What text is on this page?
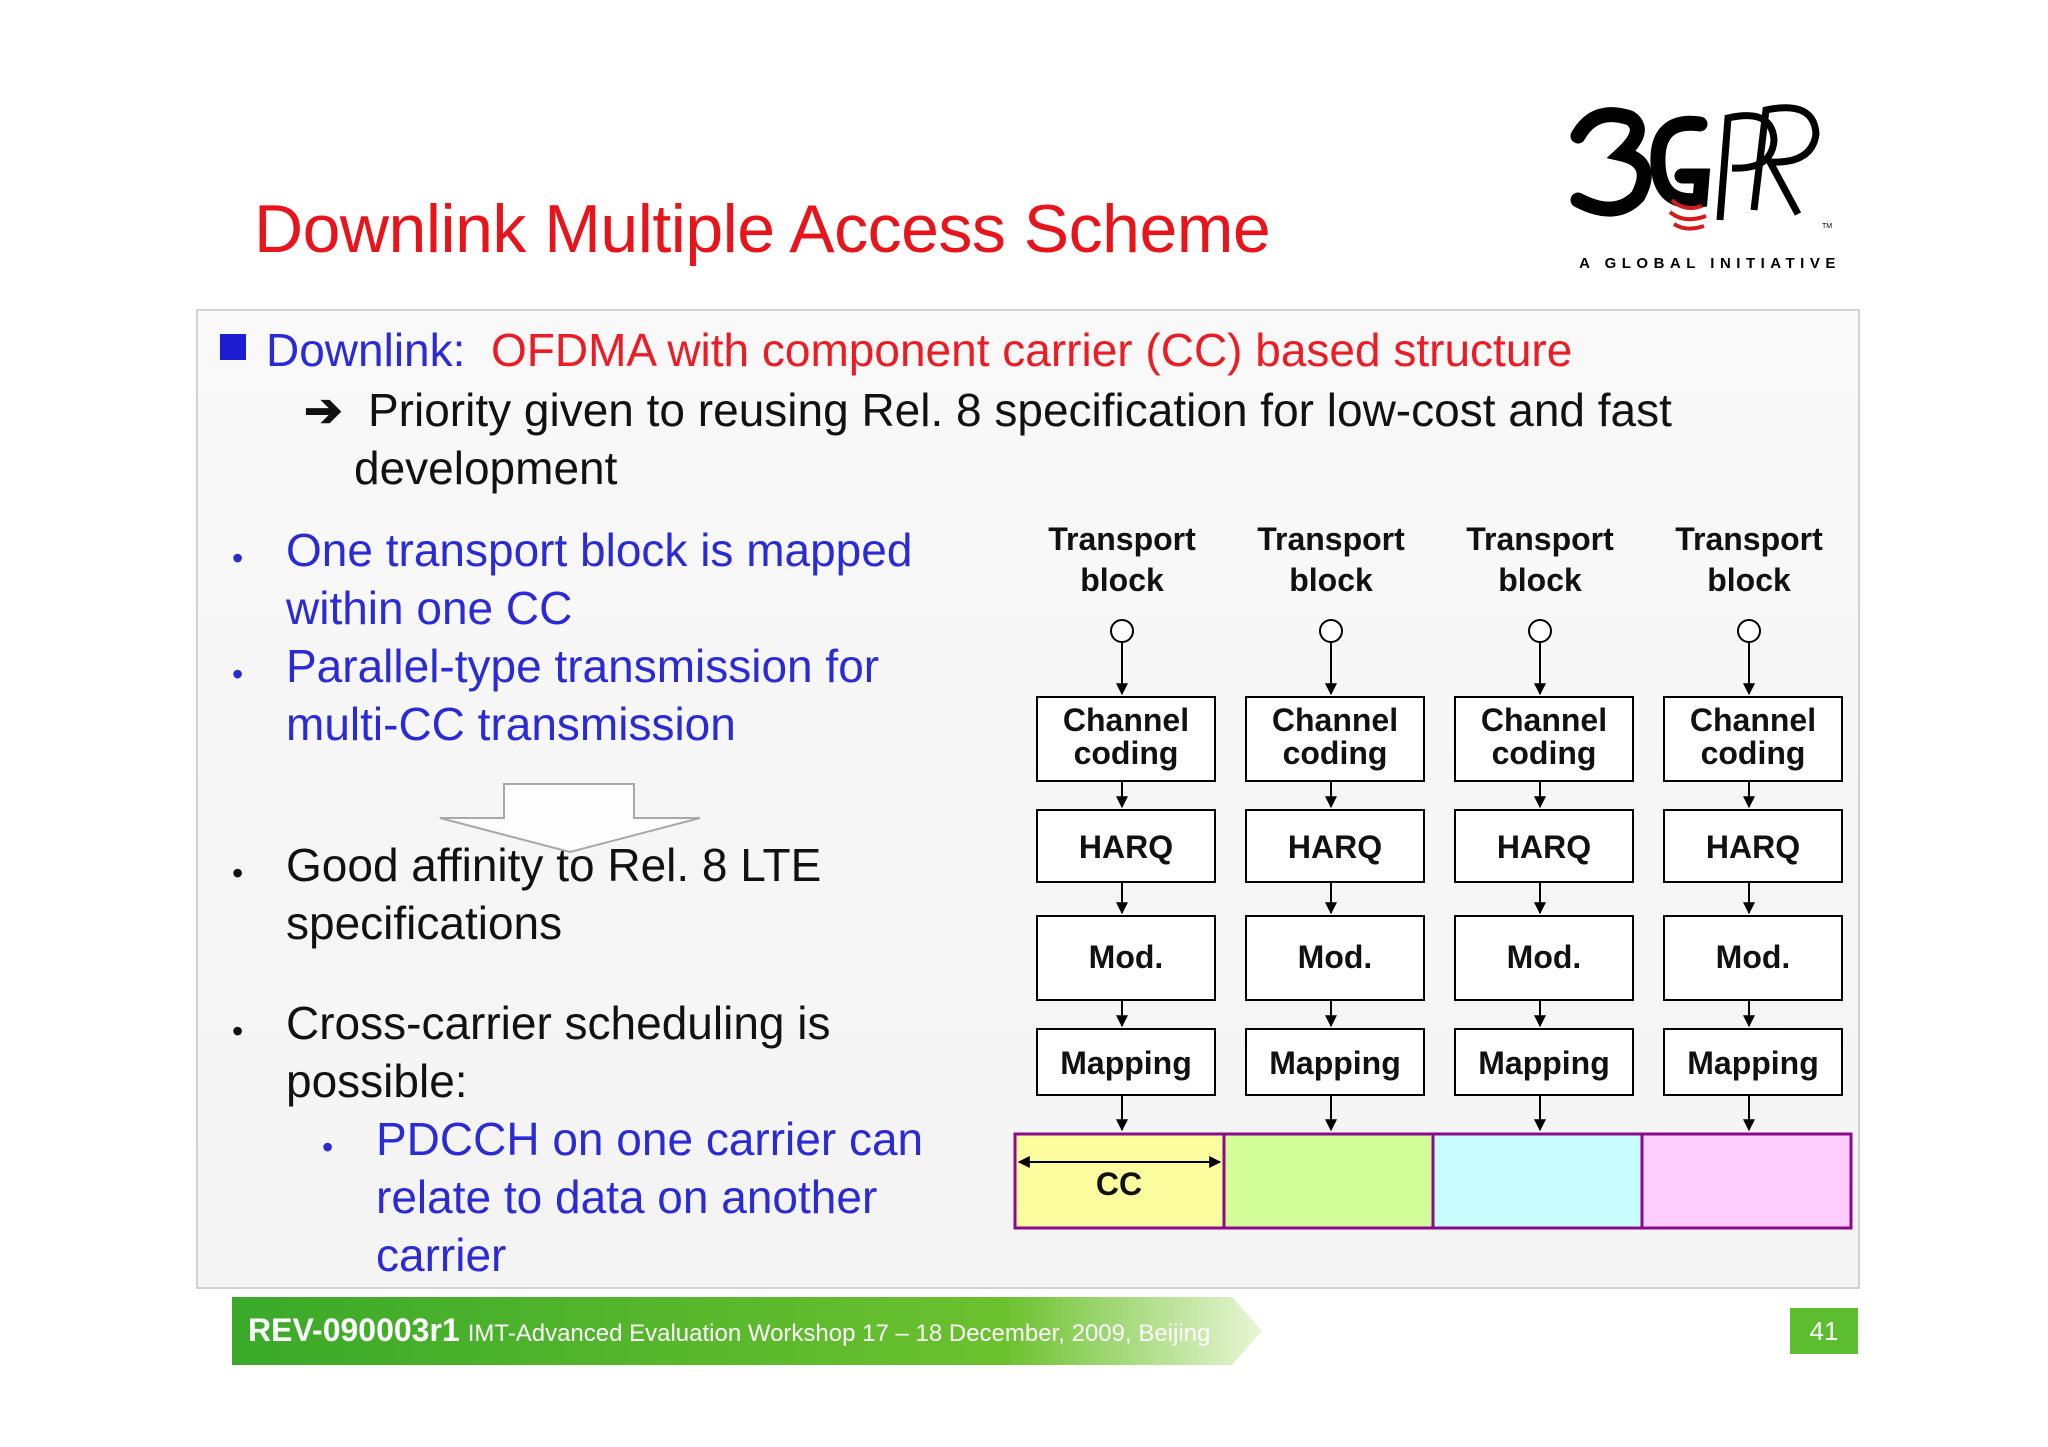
Downlink Multiple Access Scheme	TM
A GLOBAL INITIATIVE
Downlink: OFDMA with component carrier (CC) based structure
➔ Priority given to reusing Rel. 8 specification for low-cost and fast
development
• One transport block is mapped
within one CC
• Parallel-type transmission for
multi-CC transmission
• Good affinity to Rel. 8 LTE
specifications
• Cross-carrier scheduling is
possible:
• PDCCH on one carrier can
relate to data on another
carrier
Transport
block
Channel
coding
HARQ
Mod.
Mapping
Transport
block
Channel
coding
HARQ
Mod.
Mapping
Transport
block
Channel
coding
HARQ
Mod.
Mapping
Transport
block
Channel
coding
HARQ
Mod.
Mapping
CC
REV-090003r1 IMT-Advanced Evaluation Workshop 17 – 18 December, 2009, Beijing	41
